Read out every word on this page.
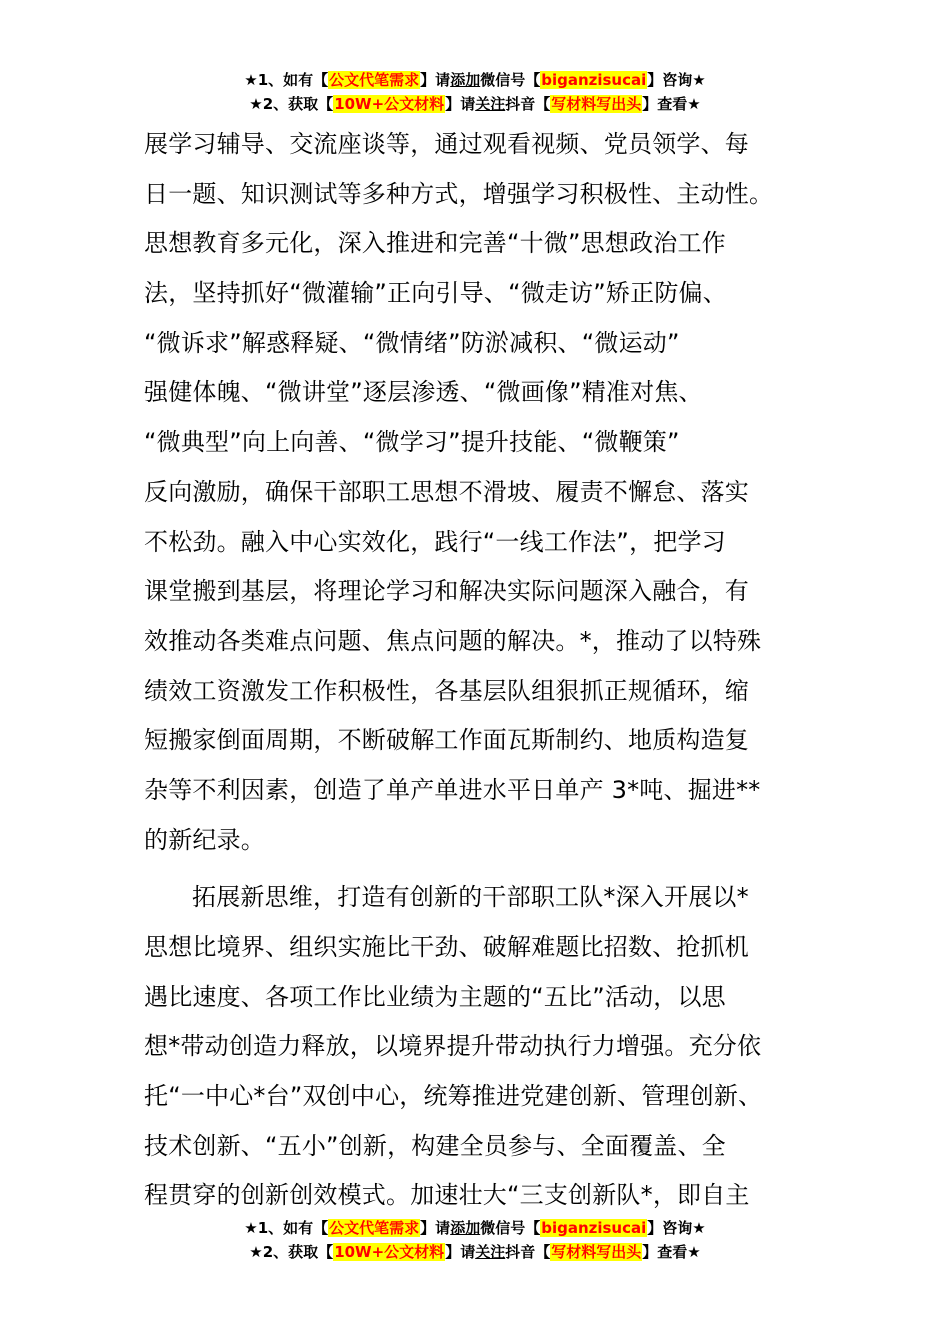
★1、如有【公文代笔需求】请添加微信号【biganzisucai】咨询★
★2、获取【10W+公文材料】请关注抖音【写材料写出头】查看★
展学习辅导、交流座谈等，通过观看视频、党员领学、每
日一题、知识测试等多种方式，增强学习积极性、主动性。
思想教育多元化，深入推进和完善“十微”思想政治工作
法，坚持抓好“微灌输”正向引导、“微走访”矫正防偏、
“微诉求”解惑释疑、“微情绪”防淤减积、“微运动”
强健体魄、“微讲堂”逐层渗透、“微画像”精准对焦、
“微典型”向上向善、“微学习”提升技能、“微鞭策”
反向激励，确保干部职工思想不滑坡、履责不懈怠、落实
不松劲。融入中心实效化，践行“一线工作法”，把学习
课堂搬到基层，将理论学习和解决实际问题深入融合，有
效推动各类难点问题、焦点问题的解决。*，推动了以特殊
绩效工资激发工作积极性，各基层队组狠抓正规循环，缩
短搬家倒面周期，不断破解工作面瓦斯制约、地质构造复
杂等不利因素，创造了单产单进水平日单产 3*吨、掘进**
的新纪录。
拓展新思维，打造有创新的干部职工队*深入开展以*
思想比境界、组织实施比干劲、破解难题比招数、抢抓机
遇比速度、各项工作比业绩为主题的“五比”活动，以思
想*带动创造力释放，以境界提升带动执行力增强。充分依
托“一中心*台”双创中心，统筹推进党建创新、管理创新、
技术创新、“五小”创新，构建全员参与、全面覆盖、全
程贯穿的创新创效模式。加速壮大“三支创新队*，即自主
★1、如有【公文代笔需求】请添加微信号【biganzisucai】咨询★
★2、获取【10W+公文材料】请关注抖音【写材料写出头】查看★
